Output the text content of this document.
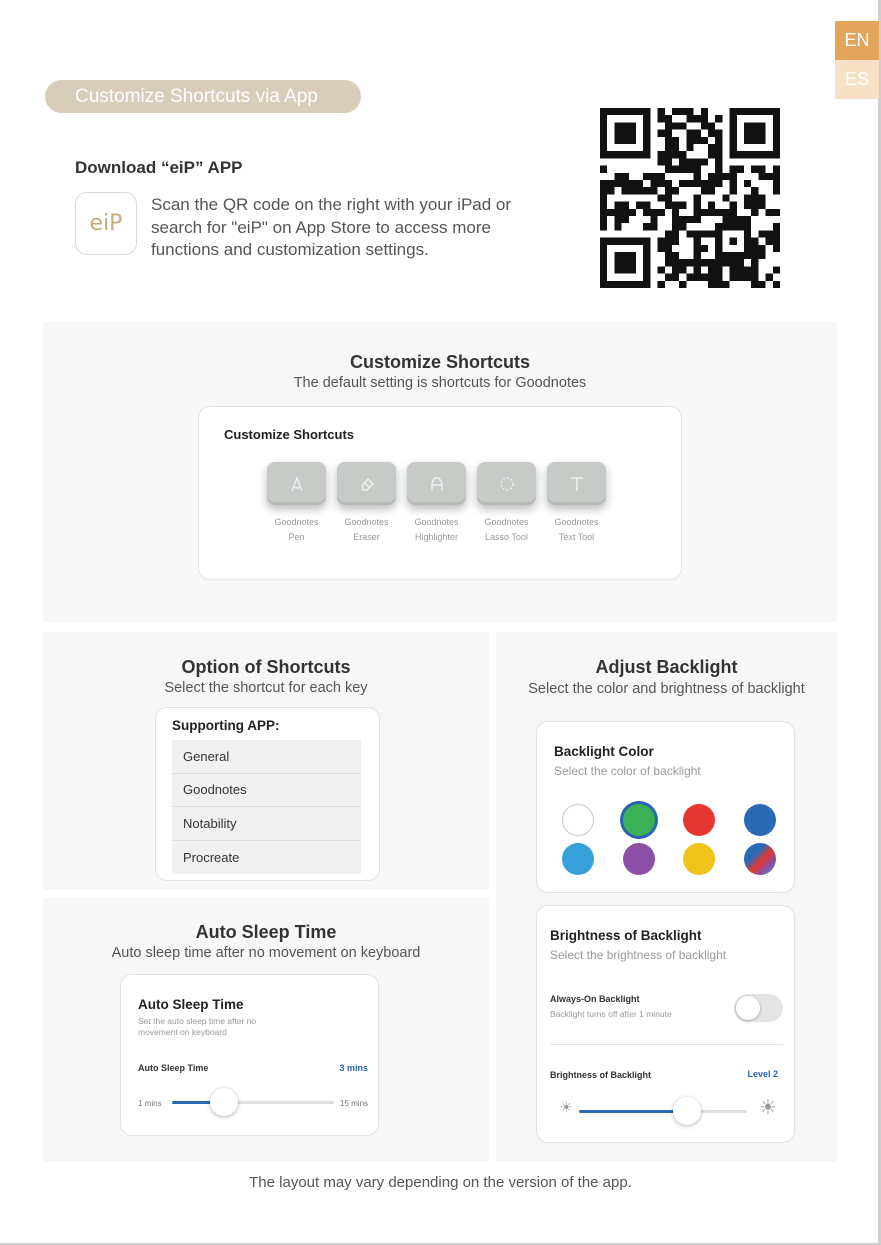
EN
ES
Customize Shortcuts via App
Download “eiP” APP
eiP
Scan the QR code on the right with your iPad or search for "eiP" on App Store to access more functions and customization settings.
Customize Shortcuts
The default setting is shortcuts for Goodnotes
Customize Shortcuts
Goodnotes
Pen
Goodnotes
Eraser
Goodnotes
Highlighter
Goodnotes
Lasso Tool
Goodnotes
Text Tool
Option of Shortcuts
Select the shortcut for each key
Supporting APP:
General
Goodnotes
Notability
Procreate
Adjust Backlight
Select the color and brightness of backlight
Backlight Color
Select the color of backlight
Brightness of Backlight
Select the brightness of backlight
Always-On Backlight
Backlight turns off after 1 minute
Brightness of Backlight	Level 2
☀	☀
Auto Sleep Time
Auto sleep time after no movement on keyboard
Auto Sleep Time
Set the auto sleep time after no movement on keyboard
Auto Sleep Time	3 mins
1 mins	15 mins
The layout may vary depending on the version of the app.
